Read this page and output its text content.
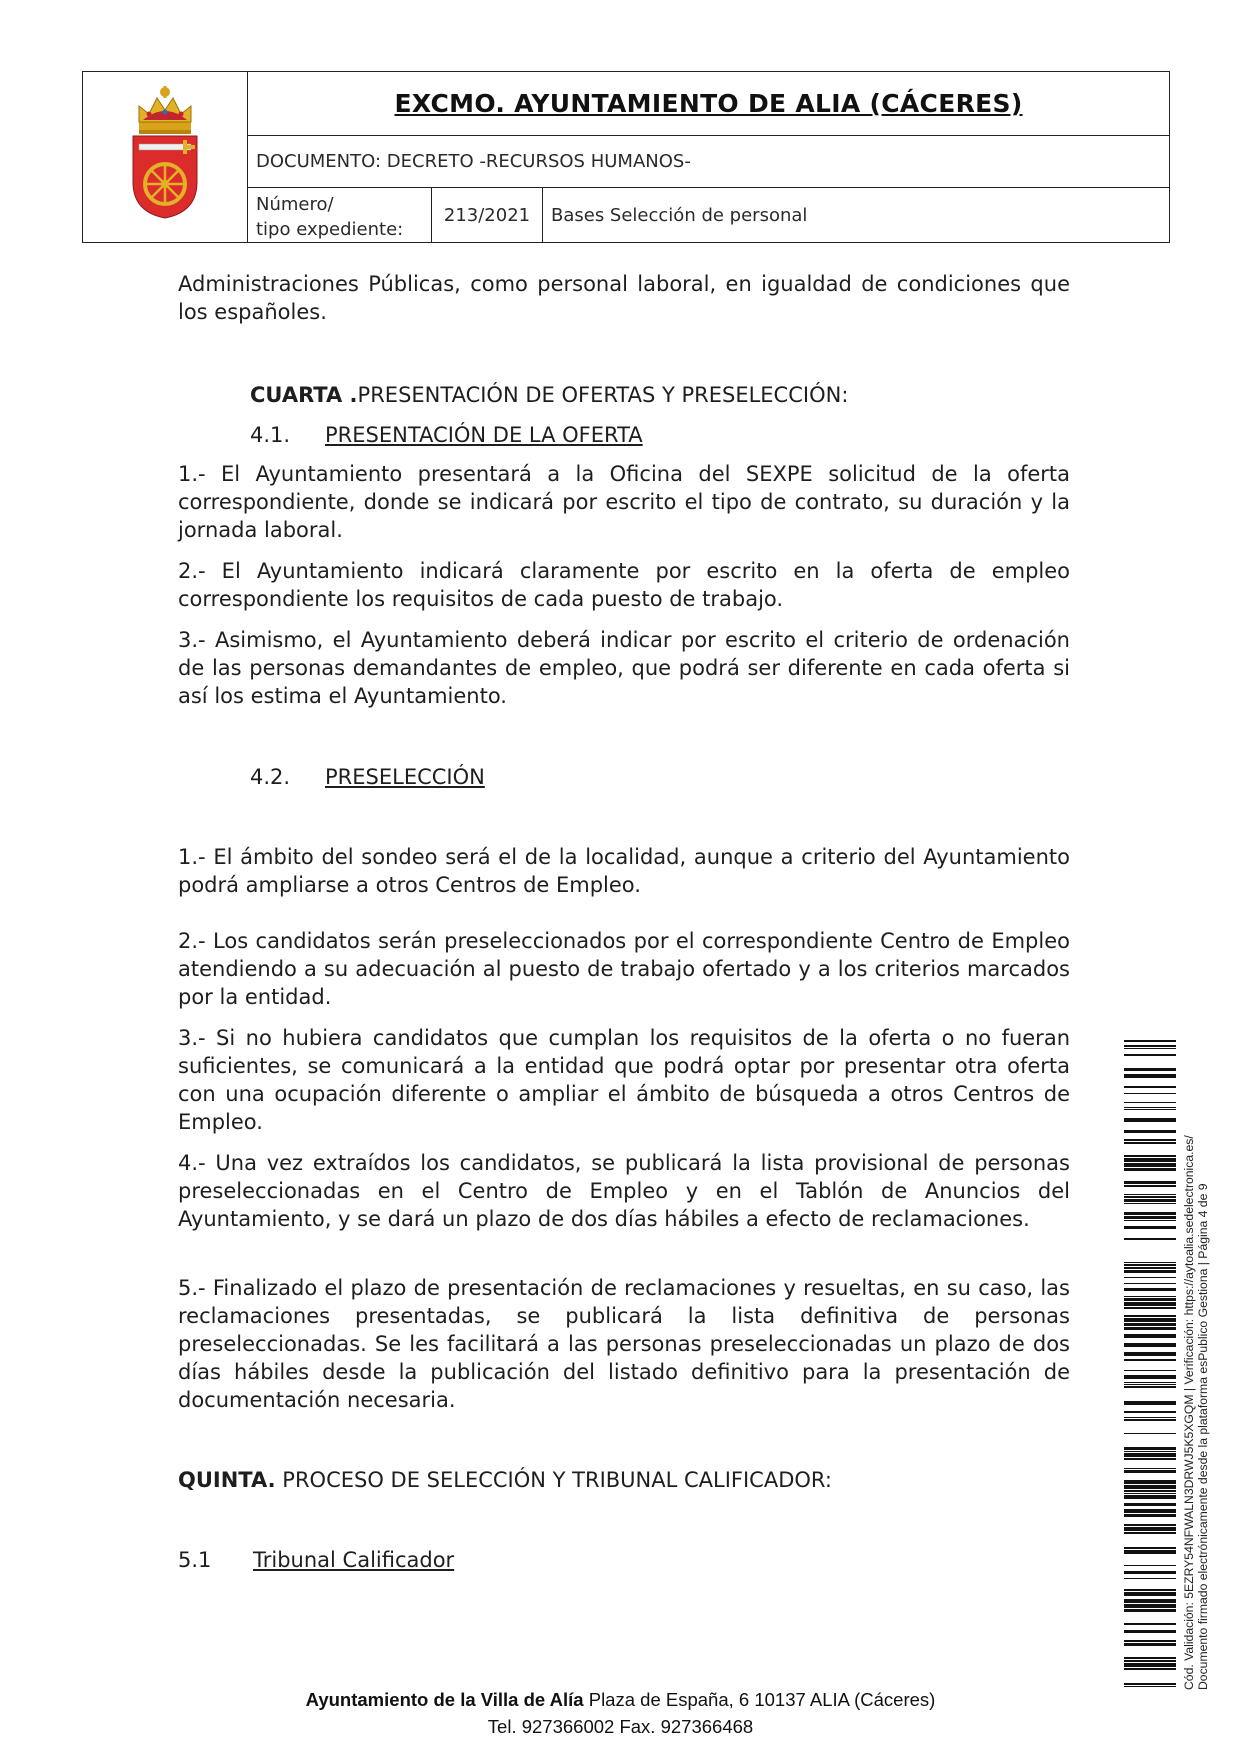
EXCMO. AYUNTAMIENTO DE ALIA (CÁCERES)
DOCUMENTO: DECRETO -RECURSOS HUMANOS-
Número/
tipo expediente:
213/2021 Bases Selección de personal

Administraciones Públicas, como personal laboral, en igualdad de condiciones que los españoles.

CUARTA .PRESENTACIÓN DE OFERTAS Y PRESELECCIÓN:
4.1. PRESENTACIÓN DE LA OFERTA

1.- El Ayuntamiento presentará a la Oficina del SEXPE solicitud de la oferta correspondiente, donde se indicará por escrito el tipo de contrato, su duración y la jornada laboral.

2.- El Ayuntamiento indicará claramente por escrito en la oferta de empleo correspondiente los requisitos de cada puesto de trabajo.

3.- Asimismo, el Ayuntamiento deberá indicar por escrito el criterio de ordenación de las personas demandantes de empleo, que podrá ser diferente en cada oferta si así los estima el Ayuntamiento.

4.2. PRESELECCIÓN

1.- El ámbito del sondeo será el de la localidad, aunque a criterio del Ayuntamiento podrá ampliarse a otros Centros de Empleo.

2.- Los candidatos serán preseleccionados por el correspondiente Centro de Empleo atendiendo a su adecuación al puesto de trabajo ofertado y a los criterios marcados por la entidad.

3.- Si no hubiera candidatos que cumplan los requisitos de la oferta o no fueran suficientes, se comunicará a la entidad que podrá optar por presentar otra oferta con una ocupación diferente o ampliar el ámbito de búsqueda a otros Centros de Empleo.

4.- Una vez extraídos los candidatos, se publicará la lista provisional de personas preseleccionadas en el Centro de Empleo y en el Tablón de Anuncios del Ayuntamiento, y se dará un plazo de dos días hábiles a efecto de reclamaciones.

5.- Finalizado el plazo de presentación de reclamaciones y resueltas, en su caso, las reclamaciones presentadas, se publicará la lista definitiva de personas preseleccionadas. Se les facilitará a las personas preseleccionadas un plazo de dos días hábiles desde la publicación del listado definitivo para la presentación de documentación necesaria.

QUINTA. PROCESO DE SELECCIÓN Y TRIBUNAL CALIFICADOR:
5.1 Tribunal Calificador	Cód. Validación: 5EZRY54NFWALN3DRWJ5K5XGQM | Verificación: https://aytoalia.sedelectronica.es/ Documento firmado electrónicamente desde la plataforma esPublico Gestiona | Página 4 de 9
Ayuntamiento de la Villa de Alía Plaza de España, 6 10137 ALIA (Cáceres)
Tel. 927366002 Fax. 927366468
